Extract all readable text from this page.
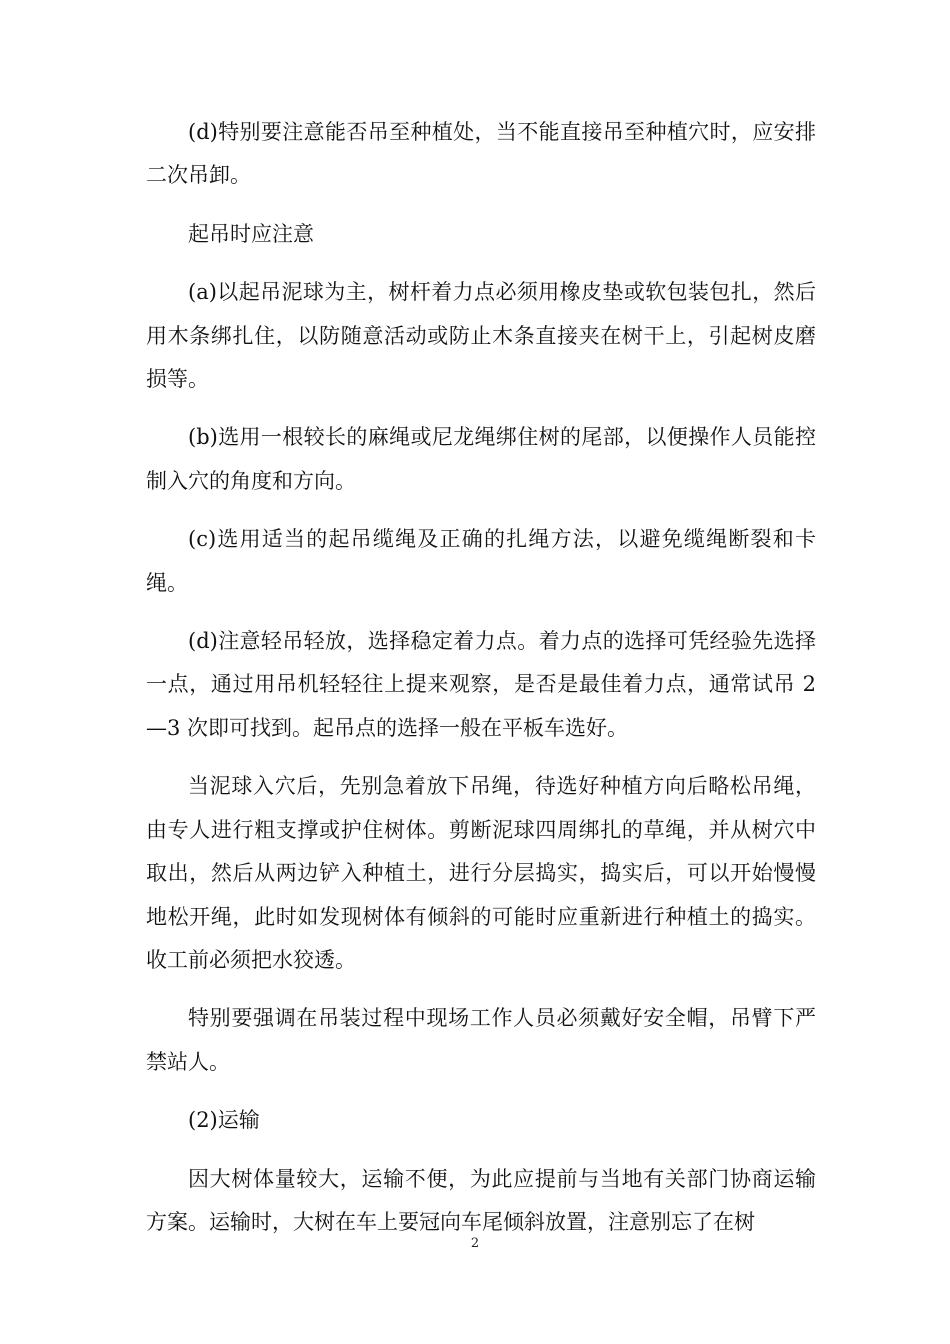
(d)特别要注意能否吊至种植处，当不能直接吊至种植穴时，应安排二次吊卸。

起吊时应注意

(a)以起吊泥球为主，树杆着力点必须用橡皮垫或软包装包扎，然后用木条绑扎住，以防随意活动或防止木条直接夹在树干上，引起树皮磨损等。

(b)选用一根较长的麻绳或尼龙绳绑住树的尾部，以便操作人员能控制入穴的角度和方向。

(c)选用适当的起吊缆绳及正确的扎绳方法，以避免缆绳断裂和卡绳。

(d)注意轻吊轻放，选择稳定着力点。着力点的选择可凭经验先选择一点，通过用吊机轻轻往上提来观察，是否是最佳着力点，通常试吊 2—3 次即可找到。起吊点的选择一般在平板车选好。

当泥球入穴后，先别急着放下吊绳，待选好种植方向后略松吊绳，由专人进行粗支撑或护住树体。剪断泥球四周绑扎的草绳，并从树穴中取出，然后从两边铲入种植土，进行分层捣实，捣实后，可以开始慢慢地松开绳，此时如发现树体有倾斜的可能时应重新进行种植土的捣实。收工前必须把水狡透。

特别要强调在吊装过程中现场工作人员必须戴好安全帽，吊臂下严禁站人。

(2)运输

因大树体量较大，运输不便，为此应提前与当地有关部门协商运输方案。运输时，大树在车上要冠向车尾倾斜放置，注意别忘了在树

2
